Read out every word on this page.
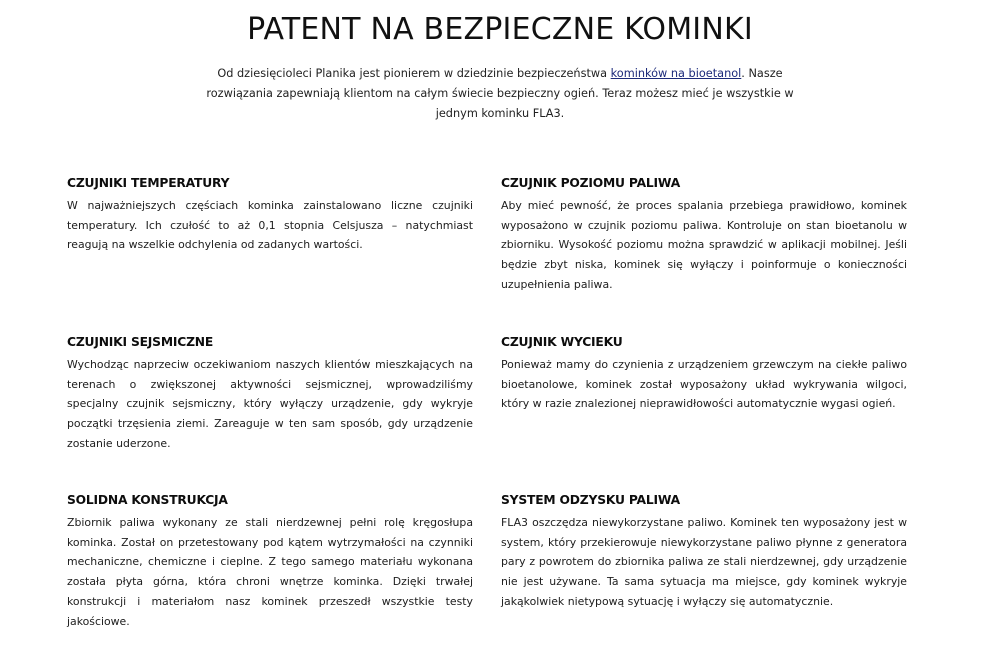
PATENT NA BEZPIECZNE KOMINKI

Od dziesięcioleci Planika jest pionierem w dziedzinie bezpieczeństwa kominków na bioetanol. Nasze rozwiązania zapewniają klientom na całym świecie bezpieczny ogień. Teraz możesz mieć je wszystkie w jednym kominku FLA3.

CZUJNIKI TEMPERATURY

W najważniejszych częściach kominka zainstalowano liczne czujniki temperatury. Ich czułość to aż 0,1 stopnia Celsjusza – natychmiast reagują na wszelkie odchylenia od zadanych wartości.

CZUJNIK POZIOMU PALIWA

Aby mieć pewność, że proces spalania przebiega prawidłowo, kominek wyposażono w czujnik poziomu paliwa. Kontroluje on stan bioetanolu w zbiorniku. Wysokość poziomu można sprawdzić w aplikacji mobilnej. Jeśli będzie zbyt niska, kominek się wyłączy i poinformuje o konieczności uzupełnienia paliwa.

CZUJNIKI SEJSMICZNE

Wychodząc naprzeciw oczekiwaniom naszych klientów mieszkających na terenach o zwiększonej aktywności sejsmicznej, wprowadziliśmy specjalny czujnik sejsmiczny, który wyłączy urządzenie, gdy wykryje początki trzęsienia ziemi. Zareaguje w ten sam sposób, gdy urządzenie zostanie uderzone.

CZUJNIK WYCIEKU

Ponieważ mamy do czynienia z urządzeniem grzewczym na ciekłe paliwo bioetanolowe, kominek został wyposażony układ wykrywania wilgoci, który w razie znalezionej nieprawidłowości automatycznie wygasi ogień.

SOLIDNA KONSTRUKCJA

Zbiornik paliwa wykonany ze stali nierdzewnej pełni rolę kręgosłupa kominka. Został on przetestowany pod kątem wytrzymałości na czynniki mechaniczne, chemiczne i cieplne. Z tego samego materiału wykonana została płyta górna, która chroni wnętrze kominka. Dzięki trwałej konstrukcji i materiałom nasz kominek przeszedł wszystkie testy jakościowe.

SYSTEM ODZYSKU PALIWA

FLA3 oszczędza niewykorzystane paliwo. Kominek ten wyposażony jest w system, który przekierowuje niewykorzystane paliwo płynne z generatora pary z powrotem do zbiornika paliwa ze stali nierdzewnej, gdy urządzenie nie jest używane. Ta sama sytuacja ma miejsce, gdy kominek wykryje jakąkolwiek nietypową sytuację i wyłączy się automatycznie.
